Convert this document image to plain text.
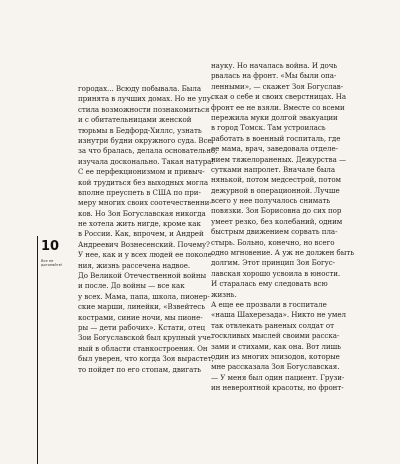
10
Все не
догоняйте!
городах... Всюду побывала. Была
принята в лучших домах. Но не упу-
стила возможности познакомиться
и с обитательницами женской
тюрьмы в Бедфорд-Хиллс, узнать
изнутри будни окружного суда. Все,
за что бралась, делала основательно,
изучала досконально. Такая натура!
С ее перфекционизмом и привыч-
кой трудиться без выходных могла
вполне преуспеть в США по при-
меру многих своих соотечественни-
ков. Но Зоя Богуславская никогда
не хотела жить нигде, кроме как
в России. Как, впрочем, и Андрей
Андреевич Вознесенский. Почему?
У нее, как и у всех людей ее поколе-
ния, жизнь рассечена надвое.
До Великой Отечественной войны
и после. До войны — все как
у всех. Мама, папа, школа, пионер-
ские марши, линейки, «Взвейтесь
кострами, синие ночи, мы пионе-
ры — дети рабочих». Кстати, отец
Зои Богуславской был крупный уче-
ный в области станкостроения. Он
был уверен, что когда Зоя вырастет,
то пойдет по его стопам, двигать
науку. Но началась война. И дочь
рвалась на фронт. «Мы были опа-
ленными», — скажет Зоя Богуслав-
ская о себе и своих сверстницах. На
фронт ее не взяли. Вместе со всеми
пережила муки долгой эвакуации
в город Томск. Там устроилась
работать в военный госпиталь, где
ее мама, врач, заведовала отделе-
нием тяжелораненых. Дежурства —
сутками напролет. Вначале была
нянькой, потом медсестрой, потом
дежурной в операционной. Лучше
всего у нее получалось снимать
повязки. Зоя Борисовна до сих пор
умеет резко, без колебаний, одним
быстрым движением сорвать пла-
стырь. Больно, конечно, но всего
одно мгновение. А уж не должен быть
долгим. Этот принцип Зоя Богус-
лавская хорошо усвоила в юности.
И старалась ему следовать всю
жизнь.
А еще ее прозвали в госпитале
«наша Шахерезада». Никто не умел
так отвлекать раненых солдат от
тоскливых мыслей своими расска-
зами и стихами, как она. Вот лишь
один из многих эпизодов, которые
мне рассказала Зоя Богуславская.
— У меня был один пациент. Грузи-
ин невероятной красоты, но фронт-
